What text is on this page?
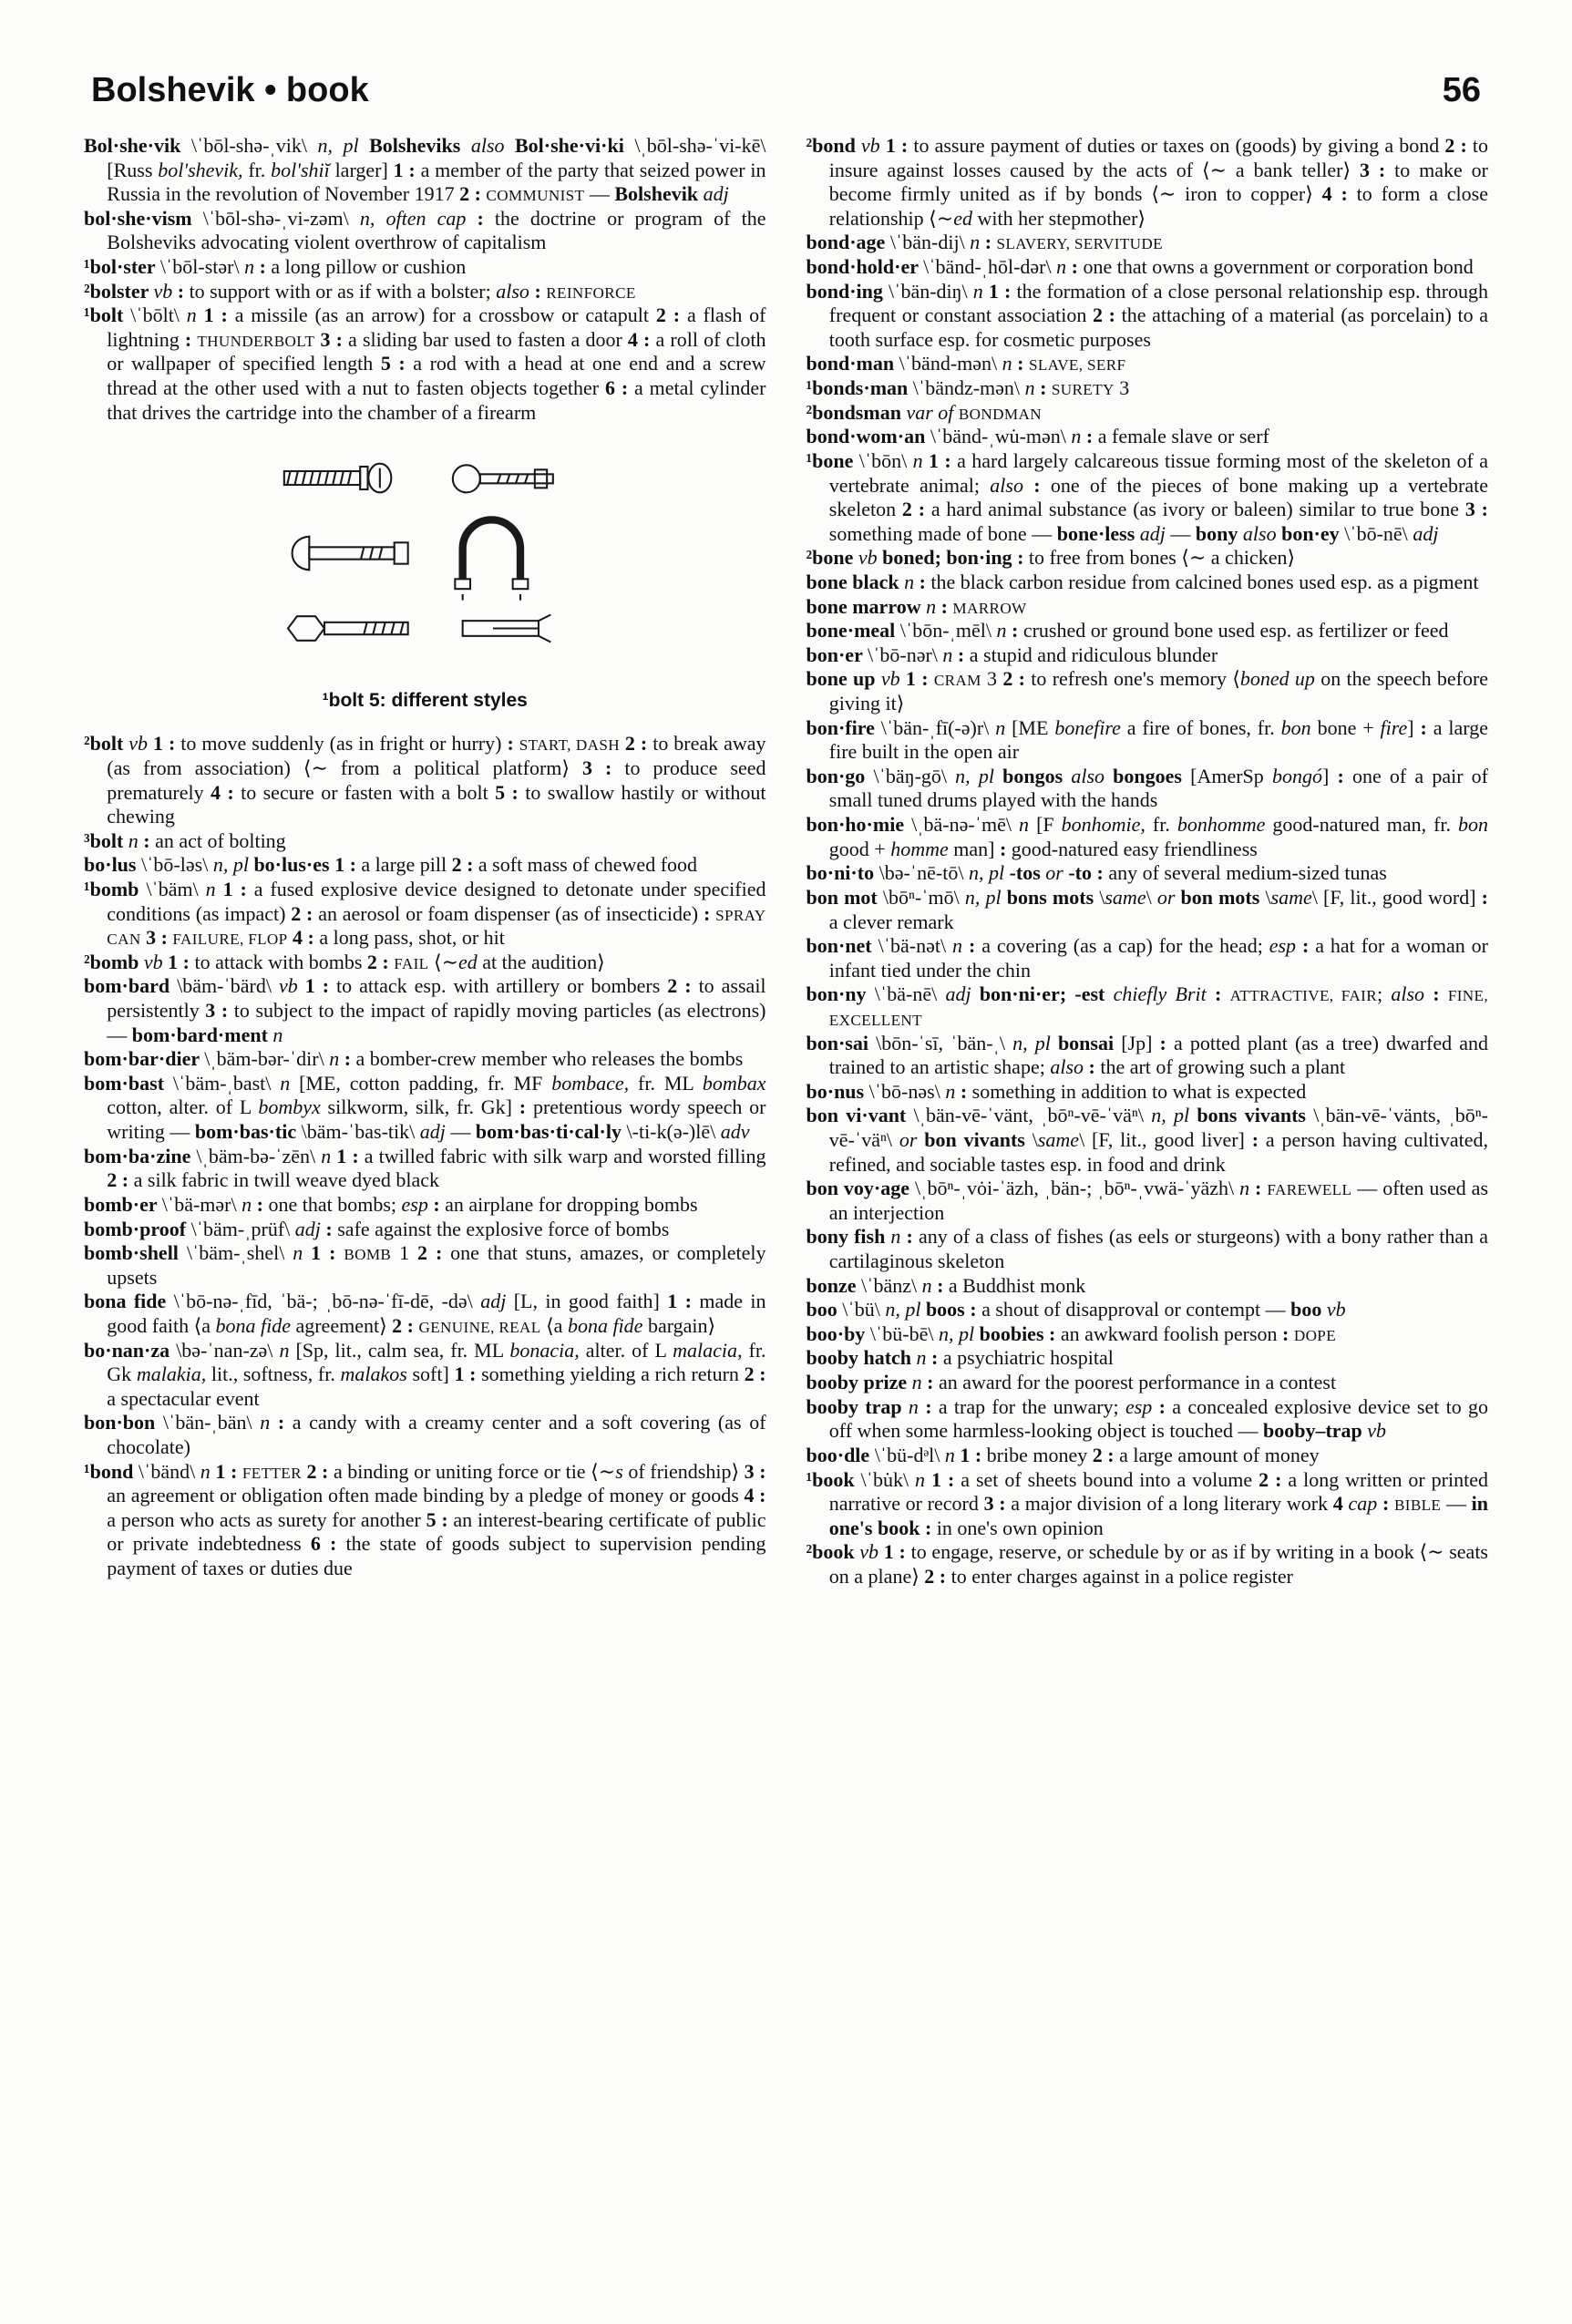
Bolshevik • book	56

Bol·she·vik \ˈbōl-shə-ˌvik\ n, pl Bolsheviks also Bol·she·vi·ki \ˌbōl-shə-ˈvi-kē\ [Russ bol'shevik, fr. bol'shiĭ larger] 1 : a member of the party that seized power in Russia in the revolution of November 1917 2 : COMMUNIST — Bolshevik adj

bol·she·vism \ˈbōl-shə-ˌvi-zəm\ n, often cap : the doctrine or program of the Bolsheviks advocating violent overthrow of capitalism

¹bol·ster \ˈbōl-stər\ n : a long pillow or cushion

²bolster vb : to support with or as if with a bolster; also : REINFORCE

¹bolt \ˈbōlt\ n 1 : a missile (as an arrow) for a crossbow or catapult 2 : a flash of lightning : THUNDERBOLT 3 : a sliding bar used to fasten a door 4 : a roll of cloth or wallpaper of specified length 5 : a rod with a head at one end and a screw thread at the other used with a nut to fasten objects together 6 : a metal cylinder that drives the cartridge into the chamber of a firearm

¹bolt 5: different styles

²bolt vb 1 : to move suddenly (as in fright or hurry) : START, DASH 2 : to break away (as from association) ⟨∼ from a political platform⟩ 3 : to produce seed prematurely 4 : to secure or fasten with a bolt 5 : to swallow hastily or without chewing

³bolt n : an act of bolting

bo·lus \ˈbō-ləs\ n, pl bo·lus·es 1 : a large pill 2 : a soft mass of chewed food

¹bomb \ˈbäm\ n 1 : a fused explosive device designed to detonate under specified conditions (as impact) 2 : an aerosol or foam dispenser (as of insecticide) : SPRAY CAN 3 : FAILURE, FLOP 4 : a long pass, shot, or hit

²bomb vb 1 : to attack with bombs 2 : FAIL ⟨∼ed at the audition⟩

bom·bard \bäm-ˈbärd\ vb 1 : to attack esp. with artillery or bombers 2 : to assail persistently 3 : to subject to the impact of rapidly moving particles (as electrons) — bom·bard·ment n

bom·bar·dier \ˌbäm-bər-ˈdir\ n : a bomber-crew member who releases the bombs

bom·bast \ˈbäm-ˌbast\ n [ME, cotton padding, fr. MF bombace, fr. ML bombax cotton, alter. of L bombyx silkworm, silk, fr. Gk] : pretentious wordy speech or writing — bom·bas·tic \bäm-ˈbas-tik\ adj — bom·bas·ti·cal·ly \-ti-k(ə-)lē\ adv

bom·ba·zine \ˌbäm-bə-ˈzēn\ n 1 : a twilled fabric with silk warp and worsted filling 2 : a silk fabric in twill weave dyed black

bomb·er \ˈbä-mər\ n : one that bombs; esp : an airplane for dropping bombs

bomb·proof \ˈbäm-ˌprüf\ adj : safe against the explosive force of bombs

bomb·shell \ˈbäm-ˌshel\ n 1 : BOMB 1 2 : one that stuns, amazes, or completely upsets

bona fide \ˈbō-nə-ˌfīd, ˈbä-; ˌbō-nə-ˈfī-dē, -də\ adj [L, in good faith] 1 : made in good faith ⟨a bona fide agreement⟩ 2 : GENUINE, REAL ⟨a bona fide bargain⟩

bo·nan·za \bə-ˈnan-zə\ n [Sp, lit., calm sea, fr. ML bonacia, alter. of L malacia, fr. Gk malakia, lit., softness, fr. malakos soft] 1 : something yielding a rich return 2 : a spectacular event

bon·bon \ˈbän-ˌbän\ n : a candy with a creamy center and a soft covering (as of chocolate)

¹bond \ˈbänd\ n 1 : FETTER 2 : a binding or uniting force or tie ⟨∼s of friendship⟩ 3 : an agreement or obligation often made binding by a pledge of money or goods 4 : a person who acts as surety for another 5 : an interest-bearing certificate of public or private indebtedness 6 : the state of goods subject to supervision pending payment of taxes or duties due

²bond vb 1 : to assure payment of duties or taxes on (goods) by giving a bond 2 : to insure against losses caused by the acts of ⟨∼ a bank teller⟩ 3 : to make or become firmly united as if by bonds ⟨∼ iron to copper⟩ 4 : to form a close relationship ⟨∼ed with her stepmother⟩

bond·age \ˈbän-dij\ n : SLAVERY, SERVITUDE

bond·hold·er \ˈbänd-ˌhōl-dər\ n : one that owns a government or corporation bond

bond·ing \ˈbän-diŋ\ n 1 : the formation of a close personal relationship esp. through frequent or constant association 2 : the attaching of a material (as porcelain) to a tooth surface esp. for cosmetic purposes

bond·man \ˈbänd-mən\ n : SLAVE, SERF

¹bonds·man \ˈbändz-mən\ n : SURETY 3

²bondsman var of BONDMAN

bond·wom·an \ˈbänd-ˌwu̇-mən\ n : a female slave or serf

¹bone \ˈbōn\ n 1 : a hard largely calcareous tissue forming most of the skeleton of a vertebrate animal; also : one of the pieces of bone making up a vertebrate skeleton 2 : a hard animal substance (as ivory or baleen) similar to true bone 3 : something made of bone — bone·less adj — bony also bon·ey \ˈbō-nē\ adj

²bone vb boned; bon·ing : to free from bones ⟨∼ a chicken⟩

bone black n : the black carbon residue from calcined bones used esp. as a pigment

bone marrow n : MARROW

bone·meal \ˈbōn-ˌmēl\ n : crushed or ground bone used esp. as fertilizer or feed

bon·er \ˈbō-nər\ n : a stupid and ridiculous blunder

bone up vb 1 : CRAM 3 2 : to refresh one's memory ⟨boned up on the speech before giving it⟩

bon·fire \ˈbän-ˌfī(-ə)r\ n [ME bonefire a fire of bones, fr. bon bone + fire] : a large fire built in the open air

bon·go \ˈbäŋ-gō\ n, pl bongos also bongoes [AmerSp bongó] : one of a pair of small tuned drums played with the hands

bon·ho·mie \ˌbä-nə-ˈmē\ n [F bonhomie, fr. bonhomme good-natured man, fr. bon good + homme man] : good-natured easy friendliness

bo·ni·to \bə-ˈnē-tō\ n, pl -tos or -to : any of several medium-sized tunas

bon mot \bōⁿ-ˈmō\ n, pl bons mots \same\ or bon mots \same\ [F, lit., good word] : a clever remark

bon·net \ˈbä-nət\ n : a covering (as a cap) for the head; esp : a hat for a woman or infant tied under the chin

bon·ny \ˈbä-nē\ adj bon·ni·er; -est chiefly Brit : ATTRACTIVE, FAIR; also : FINE, EXCELLENT

bon·sai \bōn-ˈsī, ˈbän-ˌ\ n, pl bonsai [Jp] : a potted plant (as a tree) dwarfed and trained to an artistic shape; also : the art of growing such a plant

bo·nus \ˈbō-nəs\ n : something in addition to what is expected

bon vi·vant \ˌbän-vē-ˈvänt, ˌbōⁿ-vē-ˈväⁿ\ n, pl bons vivants \ˌbän-vē-ˈvänts, ˌbōⁿ-vē-ˈväⁿ\ or bon vivants \same\ [F, lit., good liver] : a person having cultivated, refined, and sociable tastes esp. in food and drink

bon voy·age \ˌbōⁿ-ˌvȯi-ˈäzh, ˌbän-; ˌbōⁿ-ˌvwä-ˈyäzh\ n : FAREWELL — often used as an interjection

bony fish n : any of a class of fishes (as eels or sturgeons) with a bony rather than a cartilaginous skeleton

bonze \ˈbänz\ n : a Buddhist monk

boo \ˈbü\ n, pl boos : a shout of disapproval or contempt — boo vb

boo·by \ˈbü-bē\ n, pl boobies : an awkward foolish person : DOPE

booby hatch n : a psychiatric hospital

booby prize n : an award for the poorest performance in a contest

booby trap n : a trap for the unwary; esp : a concealed explosive device set to go off when some harmless-looking object is touched — booby–trap vb

boo·dle \ˈbü-dᵊl\ n 1 : bribe money 2 : a large amount of money

¹book \ˈbu̇k\ n 1 : a set of sheets bound into a volume 2 : a long written or printed narrative or record 3 : a major division of a long literary work 4 cap : BIBLE — in one's book : in one's own opinion

²book vb 1 : to engage, reserve, or schedule by or as if by writing in a book ⟨∼ seats on a plane⟩ 2 : to enter charges against in a police register
